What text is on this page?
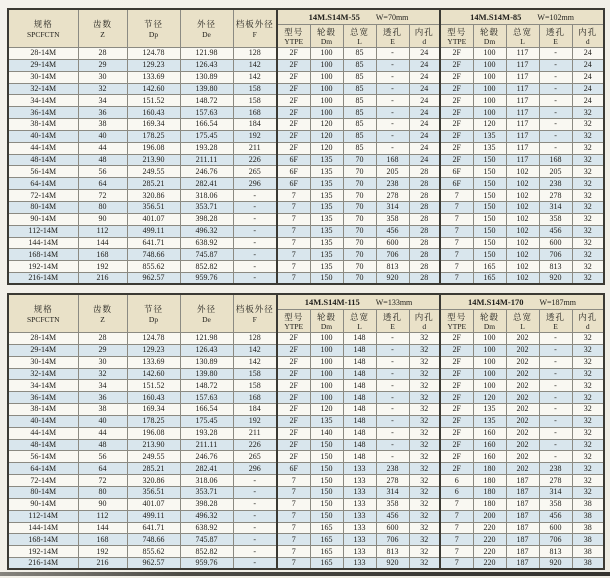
规格
SPCFCTN

齿数
Z

节径
Dp

外径
De

档板外径
F
	14M.S14M-55 W=70mm	14M.S14M-85 W=102mm

型号
YTPE

轮毂
Dm

总宽
L

透孔
E

内孔
d

型号
YTPE

轮毂
Dm

总宽
L

透孔
E

内孔
d

28-14M	28	124.78	121.98	128	2F	100	85	-	24	2F	100	117	-	24
29-14M	29	129.23	126.43	142	2F	100	85	-	24	2F	100	117	-	24
30-14M	30	133.69	130.89	142	2F	100	85	-	24	2F	100	117	-	24
32-14M	32	142.60	139.80	158	2F	100	85	-	24	2F	100	117	-	24
34-14M	34	151.52	148.72	158	2F	100	85	-	24	2F	100	117	-	24
36-14M	36	160.43	157.63	168	2F	100	85	-	24	2F	100	117	-	32
38-14M	38	169.34	166.54	184	2F	120	85	-	24	2F	120	117	-	32
40-14M	40	178.25	175.45	192	2F	120	85	-	24	2F	135	117	-	32
44-14M	44	196.08	193.28	211	2F	120	85	-	24	2F	135	117	-	32
48-14M	48	213.90	211.11	226	6F	135	70	168	24	2F	150	117	168	32
56-14M	56	249.55	246.76	265	6F	135	70	205	28	6F	150	102	205	32
64-14M	64	285.21	282.41	296	6F	135	70	238	28	6F	150	102	238	32
72-14M	72	320.86	318.06	-	7	135	70	278	28	7	150	102	278	32
80-14M	80	356.51	353.71	-	7	135	70	314	28	7	150	102	314	32
90-14M	90	401.07	398.28	-	7	135	70	358	28	7	150	102	358	32
112-14M	112	499.11	496.32	-	7	135	70	456	28	7	150	102	456	32
144-14M	144	641.71	638.92	-	7	135	70	600	28	7	150	102	600	32
168-14M	168	748.66	745.87	-	7	135	70	706	28	7	150	102	706	32
192-14M	192	855.62	852.82	-	7	135	70	813	28	7	165	102	813	32
216-14M	216	962.57	959.76	-	7	150	70	920	28	7	165	102	920	32
规格
SPCFCTN

齿数
Z

节径
Dp

外径
De

档板外径
F
	14M.S14M-115 W=133mm	14M.S14M-170 W=187mm

型号
YTPE

轮毂
Dm

总宽
L

透孔
E

内孔
d

型号
YTPE

轮毂
Dm

总宽
L

透孔
E

内孔
d

28-14M	28	124.78	121.98	128	2F	100	148	-	32	2F	100	202	-	32
29-14M	29	129.23	126.43	142	2F	100	148	-	32	2F	100	202	-	32
30-14M	30	133.69	130.89	142	2F	100	148	-	32	2F	100	202	-	32
32-14M	32	142.60	139.80	158	2F	100	148	-	32	2F	100	202	-	32
34-14M	34	151.52	148.72	158	2F	100	148	-	32	2F	100	202	-	32
36-14M	36	160.43	157.63	168	2F	100	148	-	32	2F	120	202	-	32
38-14M	38	169.34	166.54	184	2F	120	148	-	32	2F	135	202	-	32
40-14M	40	178.25	175.45	192	2F	135	148	-	32	2F	135	202	-	32
44-14M	44	196.08	193.28	211	2F	140	148	-	32	2F	160	202	-	32
48-14M	48	213.90	211.11	226	2F	150	148	-	32	2F	160	202	-	32
56-14M	56	249.55	246.76	265	2F	150	148	-	32	2F	160	202	-	32
64-14M	64	285.21	282.41	296	6F	150	133	238	32	2F	180	202	238	32
72-14M	72	320.86	318.06	-	7	150	133	278	32	6	180	187	278	32
80-14M	80	356.51	353.71	-	7	150	133	314	32	6	180	187	314	32
90-14M	90	401.07	398.28	-	7	150	133	358	32	7	180	187	358	38
112-14M	112	499.11	496.32	-	7	150	133	456	32	7	200	187	456	38
144-14M	144	641.71	638.92	-	7	165	133	600	32	7	220	187	600	38
168-14M	168	748.66	745.87	-	7	165	133	706	32	7	220	187	706	38
192-14M	192	855.62	852.82	-	7	165	133	813	32	7	220	187	813	38
216-14M	216	962.57	959.76	-	7	165	133	920	32	7	220	187	920	38
